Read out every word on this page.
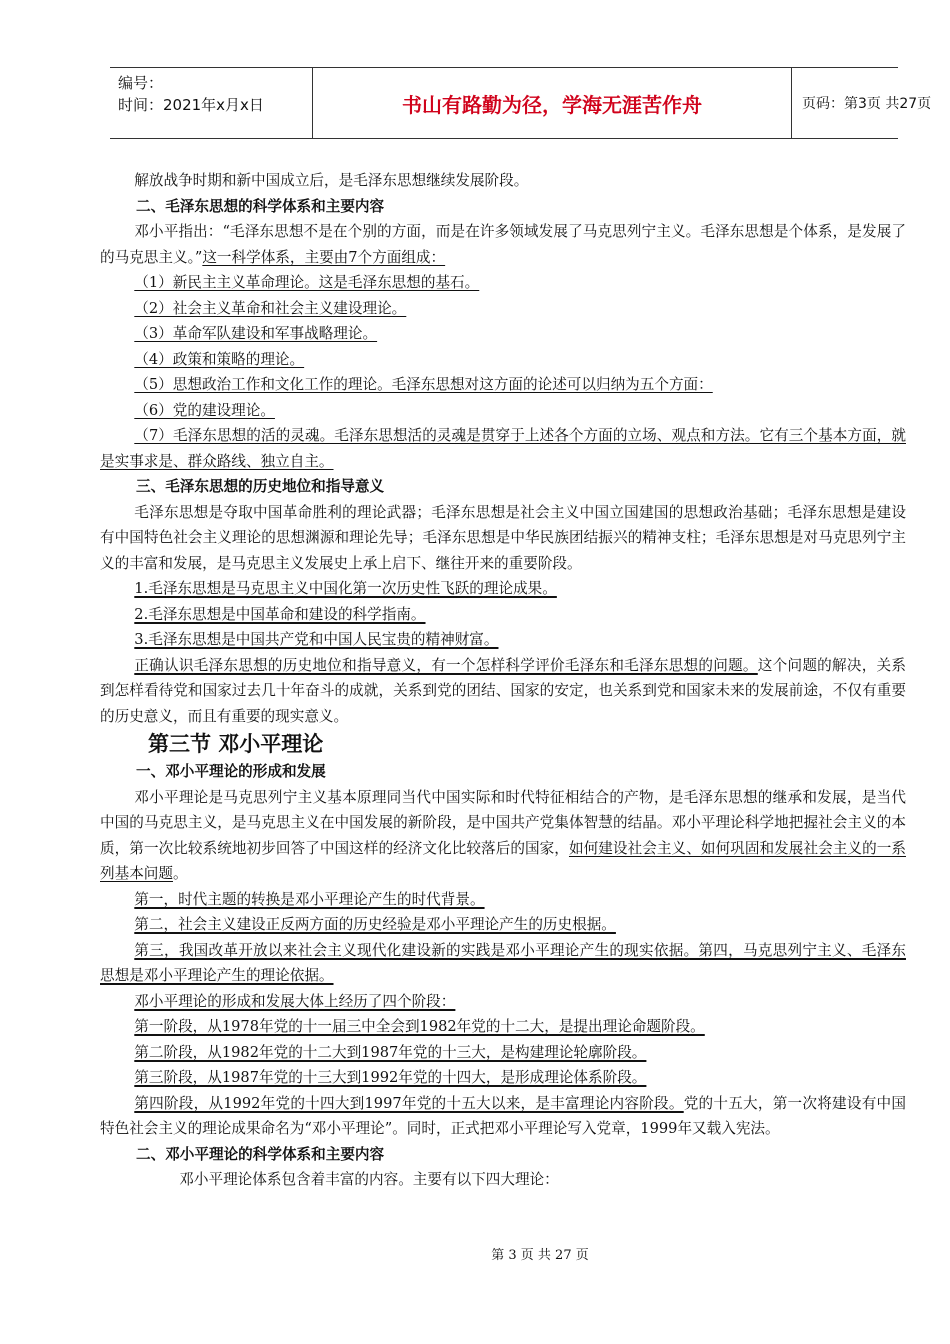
编号：
时间：2021年x月x日	书山有路勤为径，学海无涯苦作舟	页码：第3页 共27页

解放战争时期和新中国成立后，是毛泽东思想继续发展阶段。

二、毛泽东思想的科学体系和主要内容

邓小平指出：“毛泽东思想不是在个别的方面，而是在许多领域发展了马克思列宁主义。毛泽东思想是个体系，是发展了的马克思主义。”这一科学体系，主要由7个方面组成：

（1）新民主主义革命理论。这是毛泽东思想的基石。

（2）社会主义革命和社会主义建设理论。

（3）革命军队建设和军事战略理论。

（4）政策和策略的理论。

（5）思想政治工作和文化工作的理论。毛泽东思想对这方面的论述可以归纳为五个方面：

（6）党的建设理论。

（7）毛泽东思想的活的灵魂。毛泽东思想活的灵魂是贯穿于上述各个方面的立场、观点和方法。它有三个基本方面，就是实事求是、群众路线、独立自主。

三、毛泽东思想的历史地位和指导意义

毛泽东思想是夺取中国革命胜利的理论武器；毛泽东思想是社会主义中国立国建国的思想政治基础；毛泽东思想是建设有中国特色社会主义理论的思想渊源和理论先导；毛泽东思想是中华民族团结振兴的精神支柱；毛泽东思想是对马克思列宁主义的丰富和发展，是马克思主义发展史上承上启下、继往开来的重要阶段。

1.毛泽东思想是马克思主义中国化第一次历史性飞跃的理论成果。

2.毛泽东思想是中国革命和建设的科学指南。

3.毛泽东思想是中国共产党和中国人民宝贵的精神财富。

正确认识毛泽东思想的历史地位和指导意义，有一个怎样科学评价毛泽东和毛泽东思想的问题。这个问题的解决，关系到怎样看待党和国家过去几十年奋斗的成就，关系到党的团结、国家的安定，也关系到党和国家未来的发展前途，不仅有重要的历史意义，而且有重要的现实意义。

第三节 邓小平理论

一、邓小平理论的形成和发展

邓小平理论是马克思列宁主义基本原理同当代中国实际和时代特征相结合的产物，是毛泽东思想的继承和发展，是当代中国的马克思主义，是马克思主义在中国发展的新阶段，是中国共产党集体智慧的结晶。邓小平理论科学地把握社会主义的本质，第一次比较系统地初步回答了中国这样的经济文化比较落后的国家，如何建设社会主义、如何巩固和发展社会主义的一系列基本问题。

第一，时代主题的转换是邓小平理论产生的时代背景。

第二，社会主义建设正反两方面的历史经验是邓小平理论产生的历史根据。

第三，我国改革开放以来社会主义现代化建设新的实践是邓小平理论产生的现实依据。第四，马克思列宁主义、毛泽东思想是邓小平理论产生的理论依据。

邓小平理论的形成和发展大体上经历了四个阶段：

第一阶段，从1978年党的十一届三中全会到1982年党的十二大，是提出理论命题阶段。

第二阶段，从1982年党的十二大到1987年党的十三大，是构建理论轮廓阶段。

第三阶段，从1987年党的十三大到1992年党的十四大，是形成理论体系阶段。

第四阶段，从1992年党的十四大到1997年党的十五大以来，是丰富理论内容阶段。党的十五大，第一次将建设有中国特色社会主义的理论成果命名为“邓小平理论”。同时，正式把邓小平理论写入党章，1999年又载入宪法。

二、邓小平理论的科学体系和主要内容

邓小平理论体系包含着丰富的内容。主要有以下四大理论：

第 3 页 共 27 页
